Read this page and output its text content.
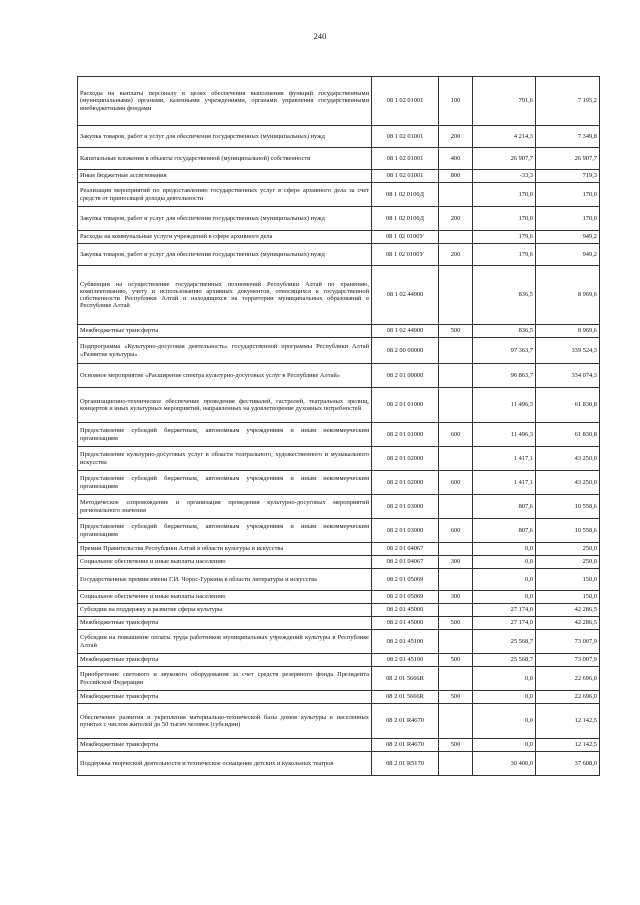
240
Расходы на выплаты персоналу в целях обеспечения выполнения функций государственными (муниципальными) органами, казенными учреждениями, органами управления государственными внебюджетными фондами	08 1 02 01001	100	791,6	7 195,2
Закупка товаров, работ и услуг для обеспечения государственных (муниципальных) нужд	08 1 02 01001	200	4 214,3	7 349,8
Капитальные вложения в объекты государственной (муниципальной) собственности	08 1 02 01001	400	26 907,7	26 907,7
Иные бюджетные ассигнования	08 1 02 01001	800	-33,3	719,3
Реализация мероприятий по предоставлению государственных услуг в сфере архивного дела за счет средств от приносящей доходы деятельности	08 1 02 0100Д		170,0	170,0
Закупка товаров, работ и услуг для обеспечения государственных (муниципальных) нужд	08 1 02 0100Д	200	170,0	170,0
Расходы на коммунальные услуги учреждений в сфере архивного дела	08 1 02 0100У		179,6	949,2
Закупка товаров, работ и услуг для обеспечения государственных (муниципальных) нужд	08 1 02 0100У	200	179,6	949,2
Субвенции на осуществление государственных полномочий Республики Алтай по хранению, комплектованию, учету и использованию архивных документов, относящихся к государственной собственности Республики Алтай и находящихся на территории муниципальных образований в Республике Алтай	08 1 02 44900		836,5	8 969,6
Межбюджетные трансферты	08 1 02 44900	500	836,5	8 969,6
Подпрограмма «Культурно-досуговая деятельность» государственной программы Республики Алтай «Развитие культуры»	08 2 00 00000		97 363,7	339 524,3
Основное мероприятие «Расширение спектра культурно-досуговых услуг в Республике Алтай»	08 2 01 00000		96 863,7	334 074,3
Организационно-техническое обеспечение проведения фестивалей, гастролей, театральных зрелищ, концертов и иных культурных мероприятий, направленных на удовлетворение духовных потребностей	08 2 01 01000		11 496,3	61 830,8
Предоставление субсидий бюджетным, автономным учреждениям и иным некоммерческим организациям	08 2 01 01000	600	11 496,3	61 830,8
Предоставление культурно-досуговых услуг в области театрального, художественного и музыкального искусства	08 2 01 02000		1 417,1	43 250,0
Предоставление субсидий бюджетным, автономным учреждениям и иным некоммерческим организациям	08 2 01 02000	600	1 417,1	43 250,0
Методическое сопровождение и организация проведения культурно-досуговых мероприятий регионального значения	08 2 01 03000		807,6	10 558,6
Предоставление субсидий бюджетным, автономным учреждениям и иным некоммерческим организациям	08 2 01 03000	600	807,6	10 558,6
Премии Правительства Республики Алтай в области культуры и искусства	08 2 01 04067		0,0	250,0
Социальное обеспечение и иные выплаты населению	08 2 01 04067	300	0,0	250,0
Государственные премии имени Г.И. Чорос-Гуркина в области литературы и искусства	08 2 01 05069		0,0	150,0
Социальное обеспечение и иные выплаты населению	08 2 01 05069	300	0,0	150,0
Субсидии на поддержку и развитие сферы культуры	08 2 01 45000		27 174,0	42 286,5
Межбюджетные трансферты	08 2 01 45000	500	27 174,0	42 286,5
Субсидии на повышение оплаты труда работников муниципальных учреждений культуры в Республике Алтай	08 2 01 45100		25 568,7	73 007,9
Межбюджетные трансферты	08 2 01 45100	500	25 568,7	73 007,9
Приобретение светового и звукового оборудования за счет средств резервного фонда Президента Российской Федерации	08 2 01 5666R		0,0	22 696,0
Межбюджетные трансферты	08 2 01 5666R	500	0,0	22 696,0
Обеспечение развития и укрепления материально-технической базы домов культуры в населенных пунктах с числом жителей до 50 тысяч человек (субсидии)	08 2 01 R4670		0,0	12 142,5
Межбюджетные трансферты	08 2 01 R4670	500	0,0	12 142,5
Поддержка творческой деятельности и техническое оснащение детских и кукольных театров	08 2 01 R5170		30 400,0	37 608,0
